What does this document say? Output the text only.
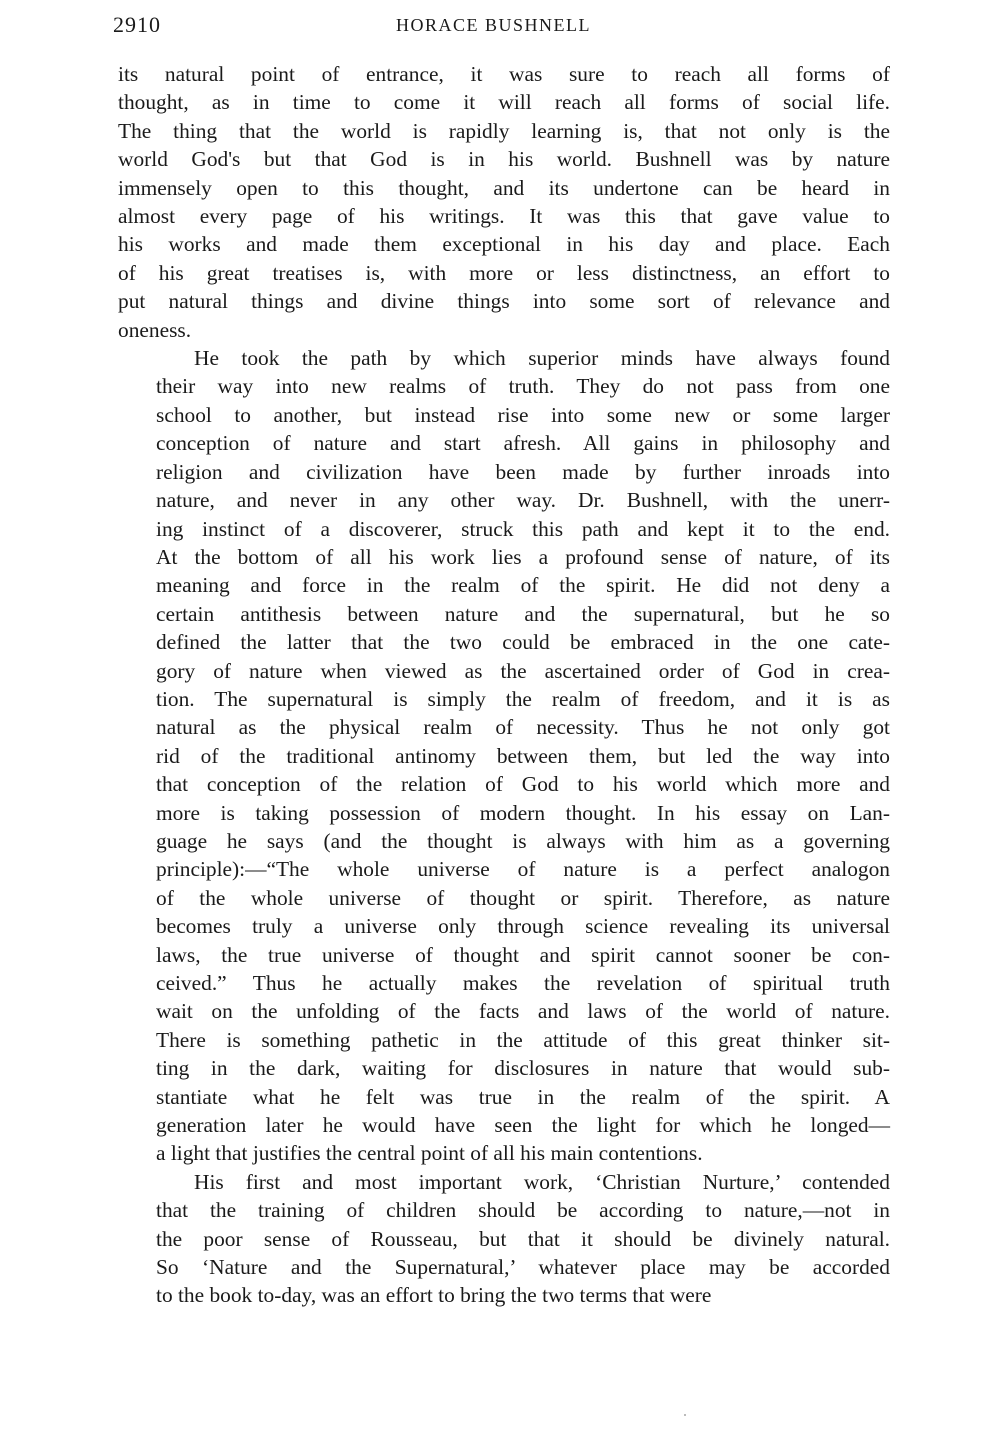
2910	HORACE BUSHNELL
its natural point of entrance, it was sure to reach all forms of
thought, as in time to come it will reach all forms of social life.
The thing that the world is rapidly learning is, that not only is the
world God's but that God is in his world. Bushnell was by nature
immensely open to this thought, and its undertone can be heard in
almost every page of his writings. It was this that gave value to
his works and made them exceptional in his day and place. Each
of his great treatises is, with more or less distinctness, an effort to
put natural things and divine things into some sort of relevance and
oneness.
He took the path by which superior minds have always found
their way into new realms of truth. They do not pass from one
school to another, but instead rise into some new or some larger
conception of nature and start afresh. All gains in philosophy and
religion and civilization have been made by further inroads into
nature, and never in any other way. Dr. Bushnell, with the unerr-
ing instinct of a discoverer, struck this path and kept it to the end.
At the bottom of all his work lies a profound sense of nature, of its
meaning and force in the realm of the spirit. He did not deny a
certain antithesis between nature and the supernatural, but he so
defined the latter that the two could be embraced in the one cate-
gory of nature when viewed as the ascertained order of God in crea-
tion. The supernatural is simply the realm of freedom, and it is as
natural as the physical realm of necessity. Thus he not only got
rid of the traditional antinomy between them, but led the way into
that conception of the relation of God to his world which more and
more is taking possession of modern thought. In his essay on Lan-
guage he says (and the thought is always with him as a governing
principle):—“The whole universe of nature is a perfect analogon
of the whole universe of thought or spirit. Therefore, as nature
becomes truly a universe only through science revealing its universal
laws, the true universe of thought and spirit cannot sooner be con-
ceived.” Thus he actually makes the revelation of spiritual truth
wait on the unfolding of the facts and laws of the world of nature.
There is something pathetic in the attitude of this great thinker sit-
ting in the dark, waiting for disclosures in nature that would sub-
stantiate what he felt was true in the realm of the spirit. A
generation later he would have seen the light for which he longed—
a light that justifies the central point of all his main contentions.
His first and most important work, ‘Christian Nurture,’ contended
that the training of children should be according to nature,—not in
the poor sense of Rousseau, but that it should be divinely natural.
So ‘Nature and the Supernatural,’ whatever place may be accorded
to the book to-day, was an effort to bring the two terms that were
